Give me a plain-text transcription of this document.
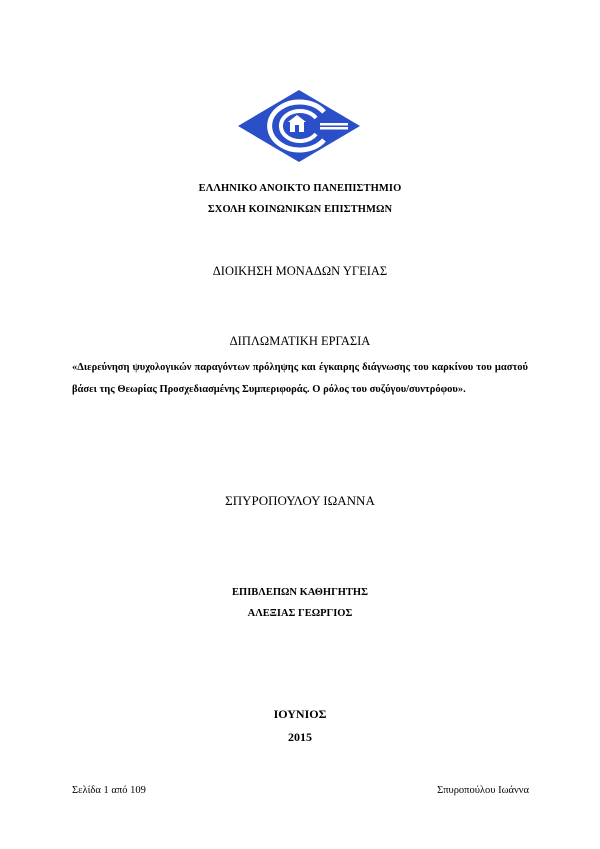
ΕΛΛΗΝΙΚΟ ΑΝΟΙΚΤΟ ΠΑΝΕΠΙΣΤΗΜΙΟ
ΣΧΟΛΗ ΚΟΙΝΩΝΙΚΩΝ ΕΠΙΣΤΗΜΩΝ
ΔΙΟΙΚΗΣΗ ΜΟΝΑΔΩΝ ΥΓΕΙΑΣ
ΔΙΠΛΩΜΑΤΙΚΗ ΕΡΓΑΣΙΑ
«Διερεύνηση ψυχολογικών παραγόντων πρόληψης και έγκαιρης διάγνωσης του καρκίνου του μαστού βάσει της Θεωρίας Προσχεδιασμένης Συμπεριφοράς. Ο ρόλος του συζύγου/συντρόφου».
ΣΠΥΡΟΠΟΥΛΟΥ ΙΩΑΝΝΑ
ΕΠΙΒΛΕΠΩΝ ΚΑΘΗΓΗΤΗΣ
ΑΛΕΞΙΑΣ ΓΕΩΡΓΙΟΣ
ΙΟΥΝΙΟΣ
2015
Σελίδα 1 από 109	Σπυροπούλου Ιωάννα
